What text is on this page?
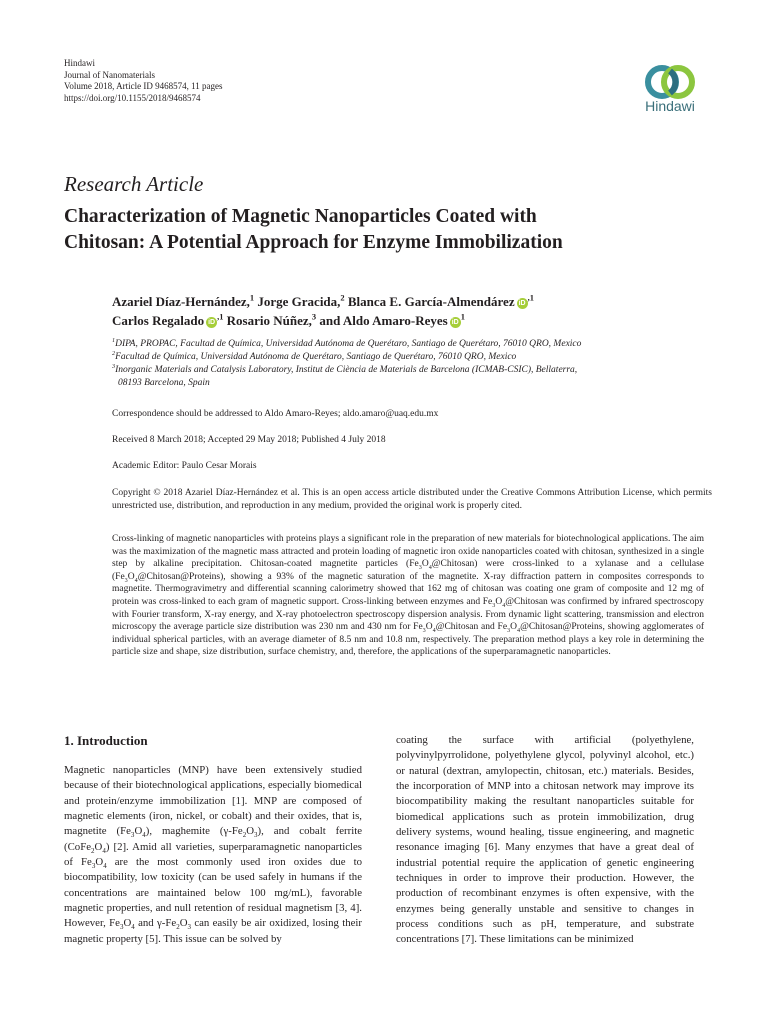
Hindawi
Journal of Nanomaterials
Volume 2018, Article ID 9468574, 11 pages
https://doi.org/10.1155/2018/9468574
Hindawi
Research Article
Characterization of Magnetic Nanoparticles Coated with
Chitosan: A Potential Approach for Enzyme Immobilization
Azariel Díaz-Hernández,$^1$ Jorge Gracida,$^2$ Blanca E. García-Almendárez $iD^{,1}$
Carlos Regalado $iD^{,1}$ Rosario Núñez,$^3$ and Aldo Amaro-Reyes $iD^1$
$^1$DIPA, PROPAC, Facultad de Química, Universidad Autónoma de Querétaro, Santiago de Querétaro, 76010 QRO, Mexico
$^2$Facultad de Química, Universidad Autónoma de Querétaro, Santiago de Querétaro, 76010 QRO, Mexico
$^3$Inorganic Materials and Catalysis Laboratory, Institut de Ciència de Materials de Barcelona (ICMAB-CSIC), Bellaterra,
08193 Barcelona, Spain
Correspondence should be addressed to Aldo Amaro-Reyes; aldo.amaro@uaq.edu.mx
Received 8 March 2018; Accepted 29 May 2018; Published 4 July 2018
Academic Editor: Paulo Cesar Morais
Copyright © 2018 Azariel Díaz-Hernández et al. This is an open access article distributed under the Creative Commons Attribution License, which permits unrestricted use, distribution, and reproduction in any medium, provided the original work is properly cited.
Cross-linking of magnetic nanoparticles with proteins plays a significant role in the preparation of new materials for biotechnological applications. The aim was the maximization of the magnetic mass attracted and protein loading of magnetic iron oxide nanoparticles coated with chitosan, synthesized in a single step by alkaline precipitation. Chitosan-coated magnetite particles $(Fe_3O_4@Chitosan)$ were cross-linked to a xylanase and a cellulase $(Fe_3O_4@Chitosan@Proteins)$, showing a 93% of the magnetic saturation of the magnetite. X-ray diffraction pattern in composites corresponds to magnetite. Thermogravimetry and differential scanning calorimetry showed that 162 mg of chitosan was coating one gram of composite and 12 mg of protein was cross-linked to each gram of magnetic support. Cross-linking between enzymes and $Fe_3O_4@Chitosan$ was confirmed by infrared spectroscopy with Fourier transform, X-ray energy, and X-ray photoelectron spectroscopy dispersion analysis. From dynamic light scattering, transmission and electron microscopy the average particle size distribution was 230 nm and 430 nm for $Fe_3O_4@Chitosan$ and $Fe_3O_4@Chitosan@Proteins$, showing agglomerates of individual spherical particles, with an average diameter of 8.5 nm and 10.8 nm, respectively. The preparation method plays a key role in determining the particle size and shape, size distribution, surface chemistry, and, therefore, the applications of the superparamagnetic nanoparticles.
1. Introduction
Magnetic nanoparticles (MNP) have been extensively studied because of their biotechnological applications, especially biomedical and protein/enzyme immobilization [1]. MNP are composed of magnetic elements (iron, nickel, or cobalt) and their oxides, that is, magnetite $(Fe_3O_4)$, maghemite $(\gamma-Fe_2O_3)$, and cobalt ferrite $(CoFe_2O_4)$ [2]. Amid all varieties, superparamagnetic nanoparticles of $Fe_3O_4$ are the most commonly used iron oxides due to biocompatibility, low toxicity (can be used safely in humans if the concentrations are maintained below 100 mg/mL), favorable magnetic properties, and null retention of residual magnetism [3, 4]. However, $Fe_3O_4$ and $\gamma-Fe_2O_3$ can easily be air oxidized, losing their magnetic property [5]. This issue can be solved by
coating the surface with artificial (polyethylene, polyvinylpyrrolidone, polyethylene glycol, polyvinyl alcohol, etc.) or natural (dextran, amylopectin, chitosan, etc.) materials. Besides, the incorporation of MNP into a chitosan network may improve its biocompatibility making the resultant nanoparticles suitable for biomedical applications such as protein immobilization, drug delivery systems, wound healing, tissue engineering, and magnetic resonance imaging [6]. Many enzymes that have a great deal of industrial potential require the application of genetic engineering techniques in order to improve their production. However, the production of recombinant enzymes is often expensive, with the enzymes being generally unstable and sensitive to changes in process conditions such as pH, temperature, and substrate concentrations [7]. These limitations can be minimized
